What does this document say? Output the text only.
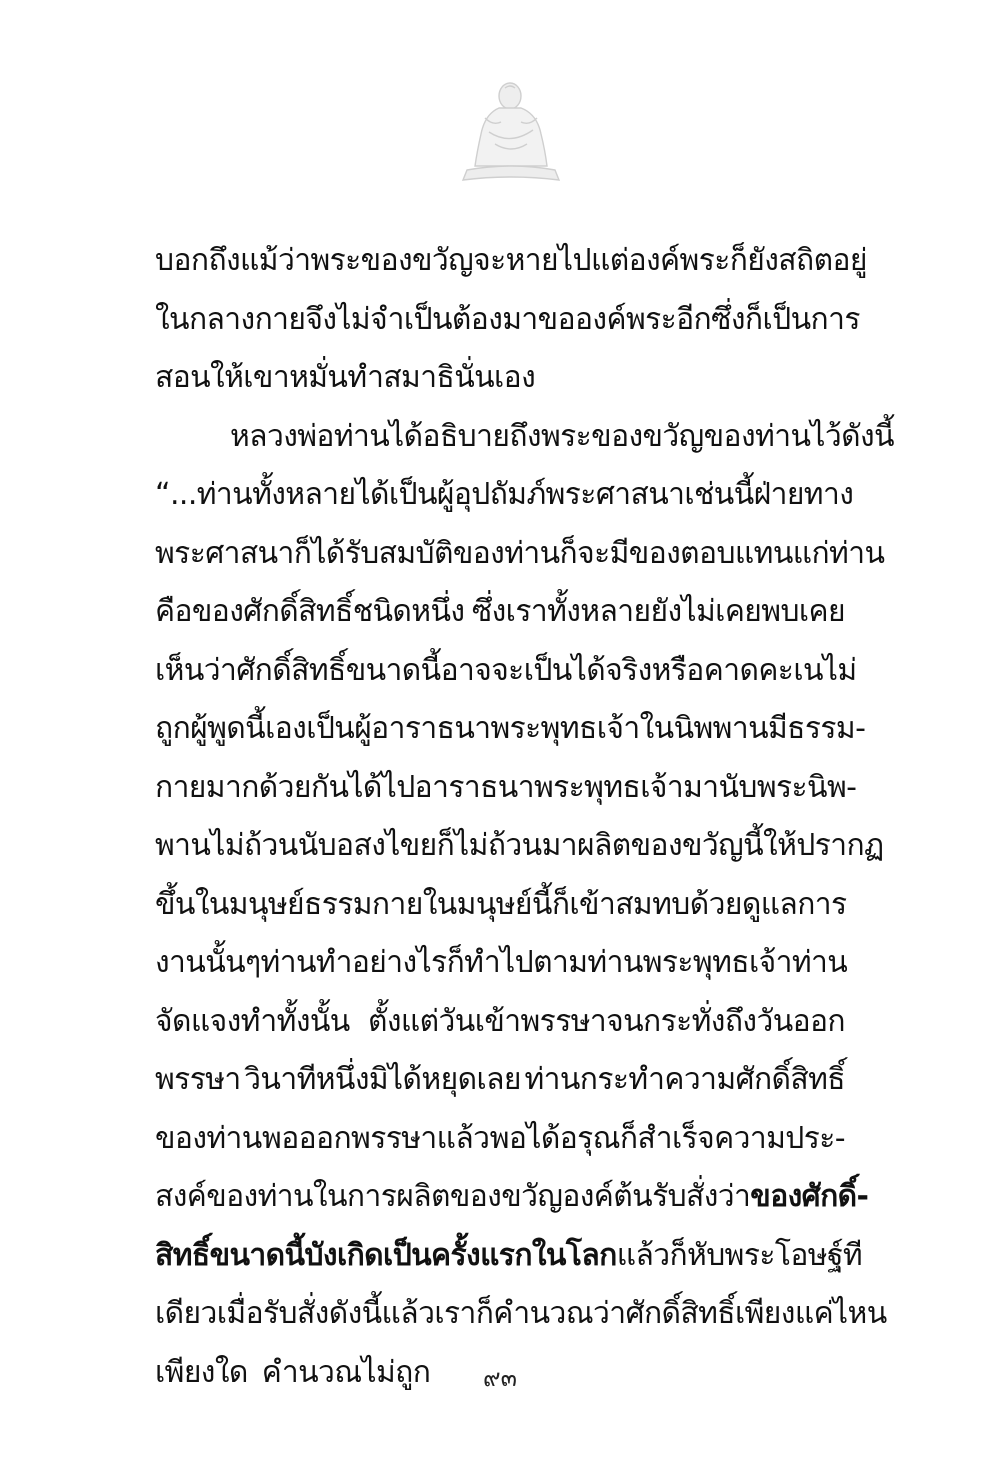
บอก ถึงแม้ว่าพระของขวัญจะหายไปแต่องค์พระก็ยังสถิตอยู่
ในกลางกาย จึงไม่จำเป็นต้องมาขอองค์พระอีก ซึ่งก็เป็นการ
สอนให้เขาหมั่นทำสมาธินั่นเอง
หลวงพ่อท่านได้อธิบายถึงพระของขวัญของท่านไว้ดังนี้
“...ท่านทั้งหลายได้เป็นผู้อุปถัมภ์พระศาสนาเช่นนี้ ฝ่ายทาง
พระศาสนาก็ได้รับสมบัติของท่านก็จะมีของตอบแทนแก่ท่าน
คือของศักดิ์สิทธิ์ชนิดหนึ่ง ซึ่งเราทั้งหลายยังไม่เคยพบเคย
เห็นว่าศักดิ์สิทธิ์ขนาดนี้อาจจะเป็นได้จริงหรือ คาดคะเนไม่
ถูก ผู้พูดนี้เองเป็นผู้อาราธนาพระพุทธเจ้าในนิพพานมีธรรม-
กายมากด้วยกัน ได้ไปอาราธนาพระพุทธเจ้ามานับพระนิพ-
พานไม่ถ้วนนับอสงไขยก็ไม่ถ้วน มาผลิตของขวัญนี้ให้ปรากฏ
ขึ้นในมนุษย์ ธรรมกายในมนุษย์นี้ก็เข้าสมทบด้วย ดูแลการ
งานนั้นๆ ท่านทำอย่างไรก็ทำไปตามท่าน พระพุทธเจ้าท่าน
จัดแจงทำทั้งนั้น ตั้งแต่วันเข้าพรรษาจนกระทั่งถึงวันออก
พรรษา วินาทีหนึ่งมิได้หยุดเลย ท่านกระทำความศักดิ์สิทธิ์
ของท่าน พอออกพรรษาแล้ว พอได้อรุณก็สำเร็จความประ-
สงค์ของท่านในการผลิตของขวัญ องค์ต้นรับสั่งว่า ของศักดิ์-
สิทธิ์ขนาดนี้บังเกิดเป็นครั้งแรกในโลก แล้วก็หับพระโอษฐ์ที
เดียวเมื่อรับสั่งดังนี้แล้ว เราก็คำนวณว่าศักดิ์สิทธิ์เพียงแค่ไหน
เพียงใด คำนวณไม่ถูก	๙๓
